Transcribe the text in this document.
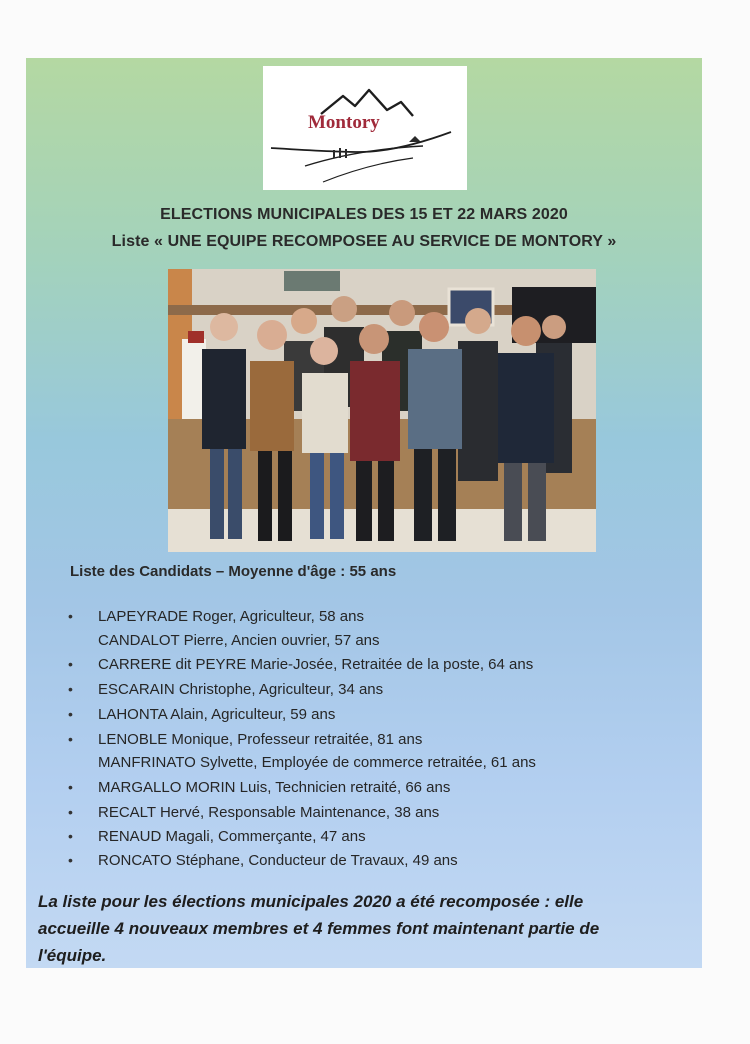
Montory
ELECTIONS MUNICIPALES DES 15 ET 22 MARS 2020
Liste « UNE EQUIPE RECOMPOSEE AU SERVICE DE MONTORY »
Liste des Candidats – Moyenne d'âge : 55 ans
• LAPEYRADE Roger, Agriculteur, 58 ans
CANDALOT Pierre, Ancien ouvrier, 57 ans
• CARRERE dit PEYRE Marie-Josée, Retraitée de la poste, 64 ans
• ESCARAIN Christophe, Agriculteur, 34 ans
• LAHONTA Alain, Agriculteur, 59 ans
• LENOBLE Monique, Professeur retraitée, 81 ans
MANFRINATO Sylvette, Employée de commerce retraitée, 61 ans
• MARGALLO MORIN Luis, Technicien retraité, 66 ans
• RECALT Hervé, Responsable Maintenance, 38 ans
• RENAUD Magali, Commerçante, 47 ans
• RONCATO Stéphane, Conducteur de Travaux, 49 ans
La liste pour les élections municipales 2020 a été recomposée : elle
accueille 4 nouveaux membres et 4 femmes font maintenant partie de
l'équipe.
